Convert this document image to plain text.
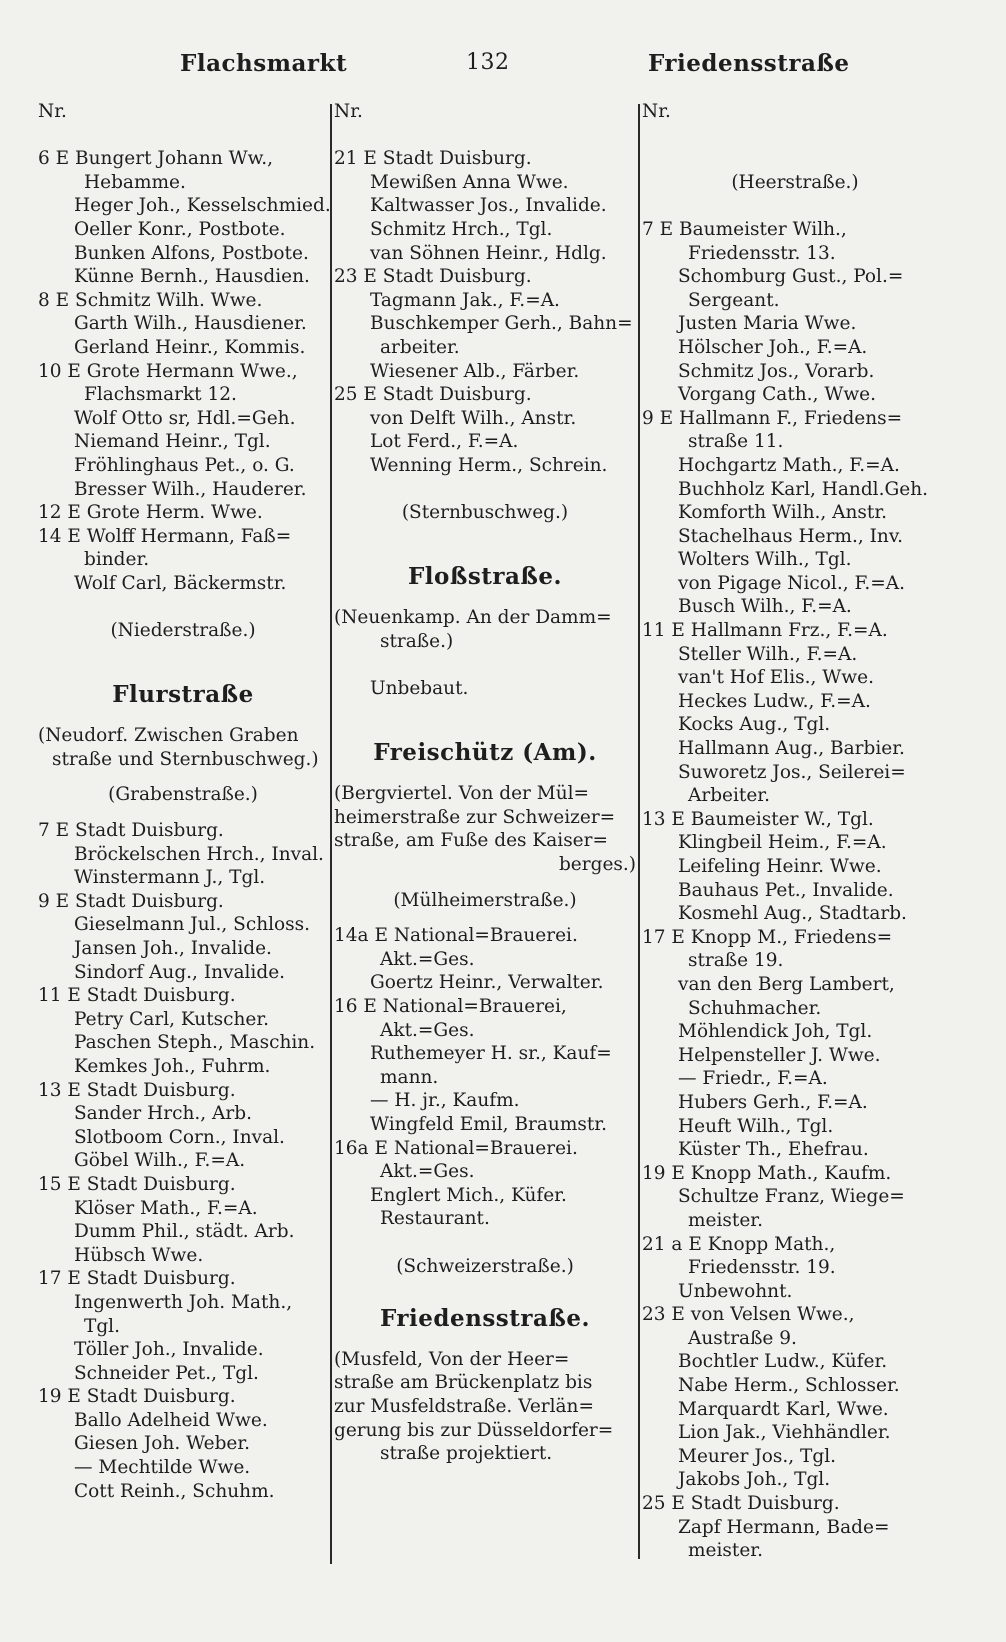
Flachsmarkt	132	Friedensstraße
Nr.
6 E Bungert Johann Ww.,
Hebamme.
Heger Joh., Kesselschmied.
Oeller Konr., Postbote.
Bunken Alfons, Postbote.
Künne Bernh., Hausdien.
8 E Schmitz Wilh. Wwe.
Garth Wilh., Hausdiener.
Gerland Heinr., Kommis.
10 E Grote Hermann Wwe.,
Flachsmarkt 12.
Wolf Otto sr, Hdl.=Geh.
Niemand Heinr., Tgl.
Fröhlinghaus Pet., o. G.
Bresser Wilh., Hauderer.
12 E Grote Herm. Wwe.
14 E Wolff Hermann, Faß=
binder.
Wolf Carl, Bäckermstr.
(Niederstraße.)
Flurstraße
(Neudorf. Zwischen Graben
straße und Sternbuschweg.)
(Grabenstraße.)
7 E Stadt Duisburg.
Bröckelschen Hrch., Inval.
Winstermann J., Tgl.
9 E Stadt Duisburg.
Gieselmann Jul., Schloss.
Jansen Joh., Invalide.
Sindorf Aug., Invalide.
11 E Stadt Duisburg.
Petry Carl, Kutscher.
Paschen Steph., Maschin.
Kemkes Joh., Fuhrm.
13 E Stadt Duisburg.
Sander Hrch., Arb.
Slotboom Corn., Inval.
Göbel Wilh., F.=A.
15 E Stadt Duisburg.
Klöser Math., F.=A.
Dumm Phil., städt. Arb.
Hübsch Wwe.
17 E Stadt Duisburg.
Ingenwerth Joh. Math.,
Tgl.
Töller Joh., Invalide.
Schneider Pet., Tgl.
19 E Stadt Duisburg.
Ballo Adelheid Wwe.
Giesen Joh. Weber.
— Mechtilde Wwe.
Cott Reinh., Schuhm.
Nr.
21 E Stadt Duisburg.
Mewißen Anna Wwe.
Kaltwasser Jos., Invalide.
Schmitz Hrch., Tgl.
van Söhnen Heinr., Hdlg.
23 E Stadt Duisburg.
Tagmann Jak., F.=A.
Buschkemper Gerh., Bahn=
arbeiter.
Wiesener Alb., Färber.
25 E Stadt Duisburg.
von Delft Wilh., Anstr.
Lot Ferd., F.=A.
Wenning Herm., Schrein.
(Sternbuschweg.)
Floßstraße.
(Neuenkamp. An der Damm=
straße.)
Unbebaut.
Freischütz (Am).
(Bergviertel. Von der Mül=
heimerstraße zur Schweizer=
straße, am Fuße des Kaiser=
berges.)
(Mülheimerstraße.)
14a E National=Brauerei.
Akt.=Ges.
Goertz Heinr., Verwalter.
16 E National=Brauerei,
Akt.=Ges.
Ruthemeyer H. sr., Kauf=
mann.
— H. jr., Kaufm.
Wingfeld Emil, Braumstr.
16a E National=Brauerei.
Akt.=Ges.
Englert Mich., Küfer.
Restaurant.
(Schweizerstraße.)
Friedensstraße.
(Musfeld, Von der Heer=
straße am Brückenplatz bis
zur Musfeldstraße. Verlän=
gerung bis zur Düsseldorfer=
straße projektiert.
Nr.
(Heerstraße.)
7 E Baumeister Wilh.,
Friedensstr. 13.
Schomburg Gust., Pol.=
Sergeant.
Justen Maria Wwe.
Hölscher Joh., F.=A.
Schmitz Jos., Vorarb.
Vorgang Cath., Wwe.
9 E Hallmann F., Friedens=
straße 11.
Hochgartz Math., F.=A.
Buchholz Karl, Handl.Geh.
Komforth Wilh., Anstr.
Stachelhaus Herm., Inv.
Wolters Wilh., Tgl.
von Pigage Nicol., F.=A.
Busch Wilh., F.=A.
11 E Hallmann Frz., F.=A.
Steller Wilh., F.=A.
van't Hof Elis., Wwe.
Heckes Ludw., F.=A.
Kocks Aug., Tgl.
Hallmann Aug., Barbier.
Suworetz Jos., Seilerei=
Arbeiter.
13 E Baumeister W., Tgl.
Klingbeil Heim., F.=A.
Leifeling Heinr. Wwe.
Bauhaus Pet., Invalide.
Kosmehl Aug., Stadtarb.
17 E Knopp M., Friedens=
straße 19.
van den Berg Lambert,
Schuhmacher.
Möhlendick Joh, Tgl.
Helpensteller J. Wwe.
— Friedr., F.=A.
Hubers Gerh., F.=A.
Heuft Wilh., Tgl.
Küster Th., Ehefrau.
19 E Knopp Math., Kaufm.
Schultze Franz, Wiege=
meister.
21 a E Knopp Math.,
Friedensstr. 19.
Unbewohnt.
23 E von Velsen Wwe.,
Austraße 9.
Bochtler Ludw., Küfer.
Nabe Herm., Schlosser.
Marquardt Karl, Wwe.
Lion Jak., Viehhändler.
Meurer Jos., Tgl.
Jakobs Joh., Tgl.
25 E Stadt Duisburg.
Zapf Hermann, Bade=
meister.
